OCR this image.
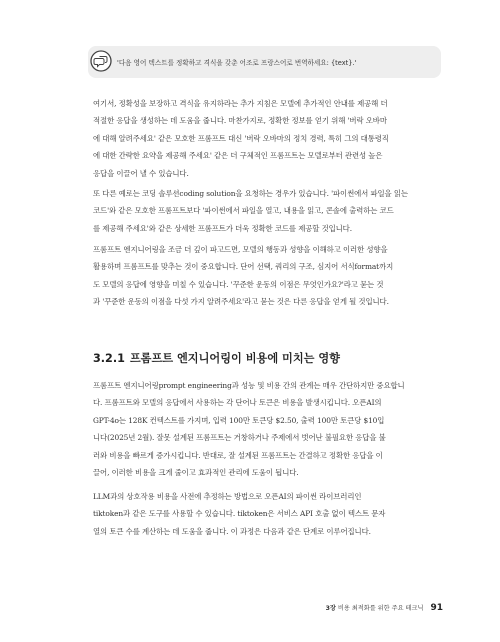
'다음 영어 텍스트를 정확하고 격식을 갖춘 어조로 프랑스어로 번역하세요: {text}.'
여기서, 정확성을 보장하고 격식을 유지하라는 추가 지침은 모델에 추가적인 안내를 제공해 더
적절한 응답을 생성하는 데 도움을 줍니다. 마찬가지로, 정확한 정보를 얻기 위해 '버락 오바마
에 대해 알려주세요' 같은 모호한 프롬프트 대신 '버락 오바마의 정치 경력, 특히 그의 대통령직
에 대한 간략한 요약을 제공해 주세요' 같은 더 구체적인 프롬프트는 모델로부터 관련성 높은
응답을 이끌어 낼 수 있습니다.
또 다른 예로는 코딩 솔루션coding solution을 요청하는 경우가 있습니다. '파이썬에서 파일을 읽는
코드'와 같은 모호한 프롬프트보다 '파이썬에서 파일을 열고, 내용을 읽고, 콘솔에 출력하는 코드
를 제공해 주세요'와 같은 상세한 프롬프트가 더욱 정확한 코드를 제공할 것입니다.
프롬프트 엔지니어링을 조금 더 깊이 파고드면, 모델의 행동과 성향을 이해하고 이러한 성향을
활용하며 프롬프트를 맞추는 것이 중요합니다. 단어 선택, 쿼리의 구조, 심지어 서식format까지
도 모델의 응답에 영향을 미칠 수 있습니다. '꾸준한 운동의 이점은 무엇인가요?'라고 묻는 것
과 '꾸준한 운동의 이점을 다섯 가지 알려주세요'라고 묻는 것은 다른 응답을 얻게 될 것입니다.
3.2.1 프롬프트 엔지니어링이 비용에 미치는 영향
프롬프트 엔지니어링prompt engineering과 성능 및 비용 간의 관계는 매우 간단하지만 중요합니
다. 프롬프트와 모델의 응답에서 사용하는 각 단어나 토큰은 비용을 발생시킵니다. 오픈AI의
GPT-4o는 128K 컨텍스트를 가지며, 입력 100만 토큰당 $2.50, 출력 100만 토큰당 $10입
니다(2025년 2월). 잘못 설계된 프롬프트는 거창하거나 주제에서 벗어난 불필요한 응답을 불
러와 비용을 빠르게 증가시킵니다. 반대로, 잘 설계된 프롬프트는 간결하고 정확한 응답을 이
끌어, 이러한 비용을 크게 줄이고 효과적인 관리에 도움이 됩니다.
LLM과의 상호작용 비용을 사전에 추정하는 방법으로 오픈AI의 파이썬 라이브러리인
tiktoken과 같은 도구를 사용할 수 있습니다. tiktoken은 서비스 API 호출 없이 텍스트 문자
열의 토큰 수를 계산하는 데 도움을 줍니다. 이 과정은 다음과 같은 단계로 이루어집니다.
3장 비용 최적화를 위한 주요 테크닉 91
